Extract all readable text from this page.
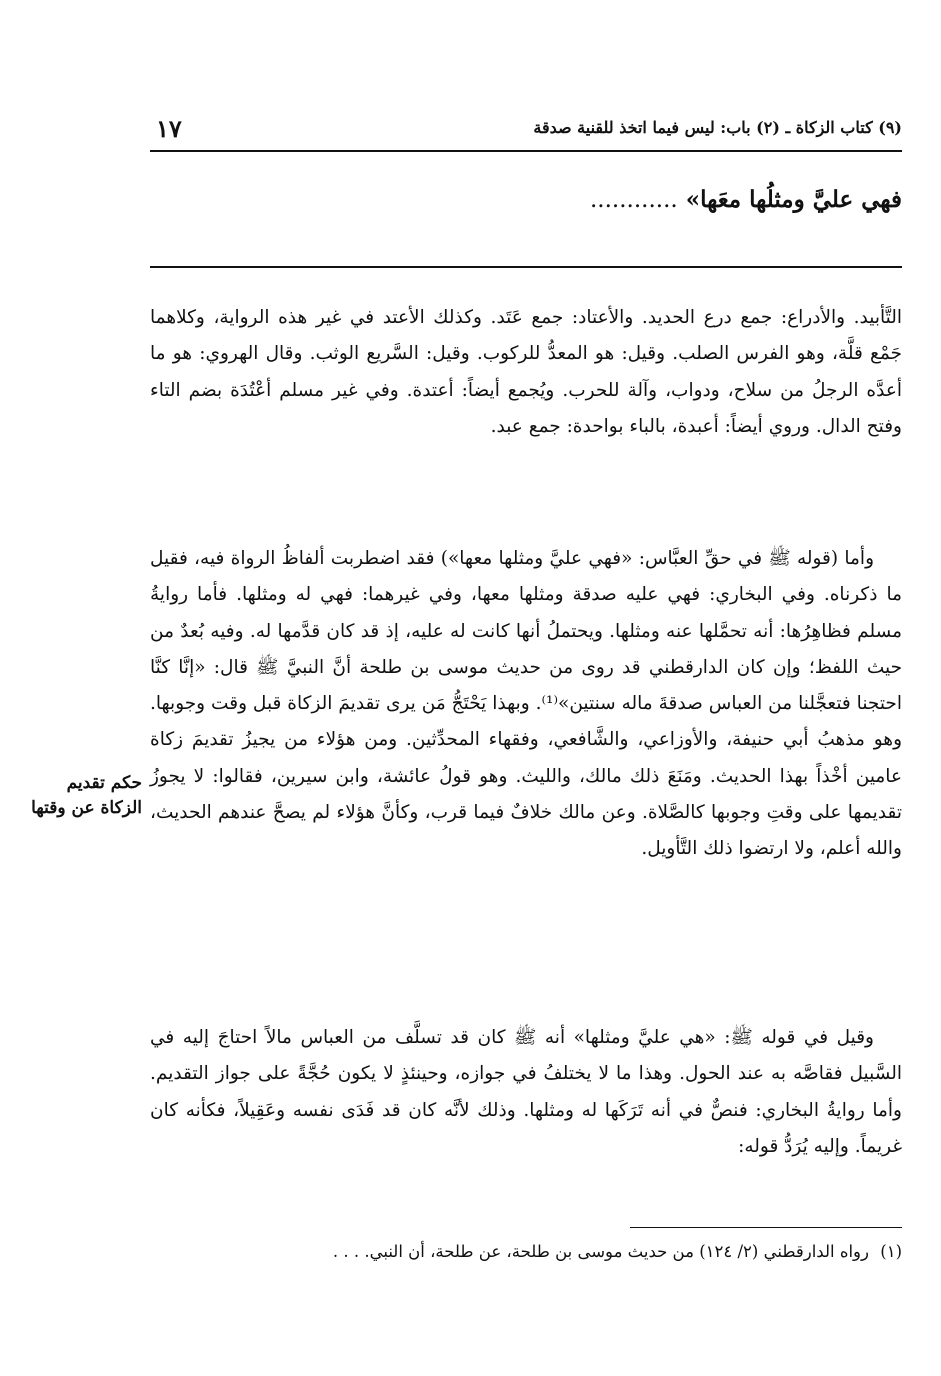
(٩) كتاب الزكاة ـ (٢) باب: ليس فيما اتخذ للقنية صدقة
١٧
فهي عليَّ ومثلُها معَها» ............

التَّأبيد. والأدراع: جمع درع الحديد. والأعتاد: جمع عَتَد. وكذلك الأعتد في غير هذه الرواية، وكلاهما جَمْع قلَّة، وهو الفرس الصلب. وقيل: هو المعدُّ للركوب. وقيل: السَّريع الوثب. وقال الهروي: هو ما أعدَّه الرجلُ من سلاح، ودواب، وآلة للحرب. ويُجمع أيضاً: أعتدة. وفي غير مسلم أعْتُدَة بضم التاء وفتح الدال. وروي أيضاً: أعبدة، بالباء بواحدة: جمع عبد.

وأما (قوله ﷺ في حقِّ العبَّاس: «فهي عليَّ ومثلها معها») فقد اضطربت ألفاظُ الرواة فيه، فقيل ما ذكرناه. وفي البخاري: فهي عليه صدقة ومثلها معها، وفي غيرهما: فهي له ومثلها. فأما روايةُ مسلم فظاهِرُها: أنه تحمَّلها عنه ومثلها. ويحتملُ أنها كانت له عليه، إذ قد كان قدَّمها له. وفيه بُعدٌ من حيث اللفظ؛ وإن كان الدارقطني قد روى من حديث موسى بن طلحة أنَّ النبيَّ ﷺ قال: «إنَّا كنَّا احتجنا فتعجَّلنا من العباس صدقةَ ماله سنتين»⁽¹⁾. وبهذا يَحْتَجُّ مَن يرى تقديمَ الزكاة قبل وقت وجوبها. وهو مذهبُ أبي حنيفة، والأوزاعي، والشَّافعي، وفقهاء المحدِّثين. ومن هؤلاء من يجيزُ تقديمَ زكاة عامين أخْذاً بهذا الحديث. ومَنَعَ ذلك مالك، والليث. وهو قولُ عائشة، وابن سيرين، فقالوا: لا يجوزُ تقديمها على وقتِ وجوبها كالصَّلاة. وعن مالك خلافٌ فيما قرب، وكأنَّ هؤلاء لم يصحَّ عندهم الحديث، والله أعلم، ولا ارتضوا ذلك التَّأويل.

حكم تقديم الزكاة عن وقتها

وقيل في قوله ﷺ: «هي عليَّ ومثلها» أنه ﷺ كان قد تسلَّف من العباس مالاً احتاجَ إليه في السَّبيل فقاصَّه به عند الحول. وهذا ما لا يختلفُ في جوازه، وحينئذٍ لا يكون حُجَّةً على جواز التقديم. وأما روايةُ البخاري: فنصٌّ في أنه تَرَكَها له ومثلها. وذلك لأنَّه كان قد فَدَى نفسه وعَقِيلاً، فكأنه كان غريماً. وإليه يُرَدُّ قوله:

(١) رواه الدارقطني (٢/ ١٢٤) من حديث موسى بن طلحة، عن طلحة، أن النبي. . . .
